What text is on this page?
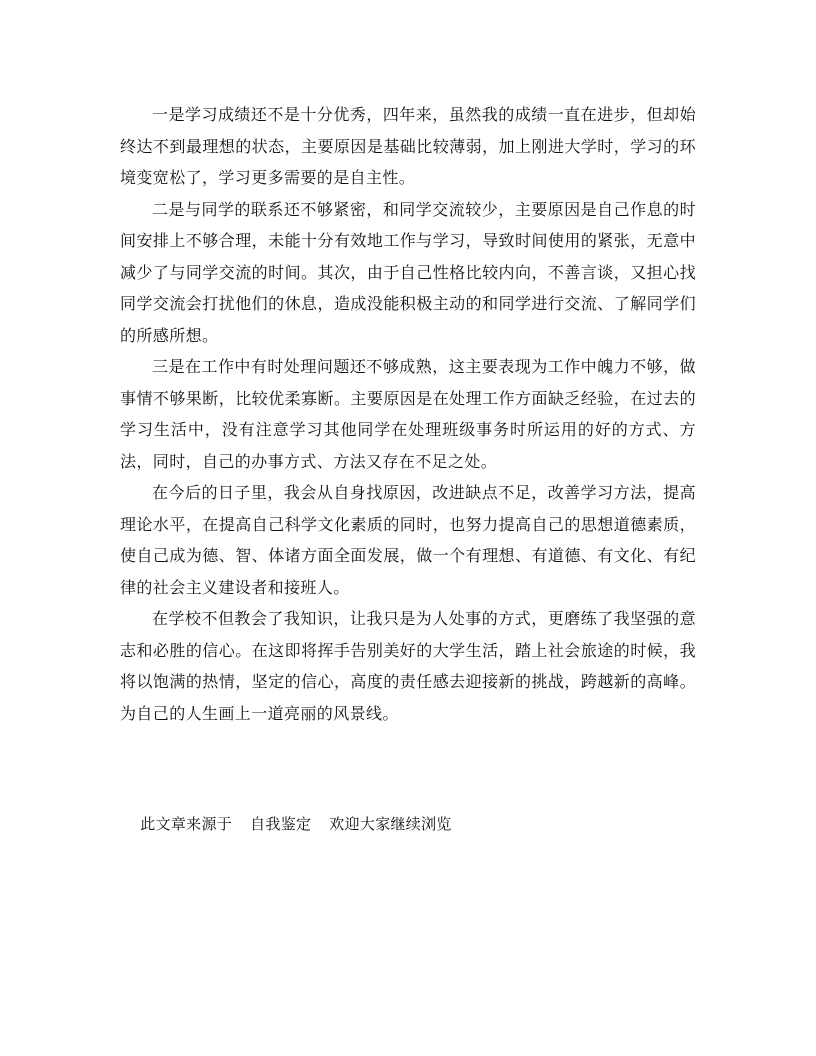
一是学习成绩还不是十分优秀，四年来，虽然我的成绩一直在进步，但却始终达不到最理想的状态，主要原因是基础比较薄弱，加上刚进大学时，学习的环境变宽松了，学习更多需要的是自主性。

二是与同学的联系还不够紧密，和同学交流较少，主要原因是自己作息的时间安排上不够合理，未能十分有效地工作与学习，导致时间使用的紧张，无意中减少了与同学交流的时间。其次，由于自己性格比较内向，不善言谈，又担心找同学交流会打扰他们的休息，造成没能积极主动的和同学进行交流、了解同学们的所感所想。

三是在工作中有时处理问题还不够成熟，这主要表现为工作中魄力不够，做事情不够果断，比较优柔寡断。主要原因是在处理工作方面缺乏经验，在过去的学习生活中，没有注意学习其他同学在处理班级事务时所运用的好的方式、方法，同时，自己的办事方式、方法又存在不足之处。

在今后的日子里，我会从自身找原因，改进缺点不足，改善学习方法，提高理论水平，在提高自己科学文化素质的同时，也努力提高自己的思想道德素质，使自己成为德、智、体诸方面全面发展，做一个有理想、有道德、有文化、有纪律的社会主义建设者和接班人。

在学校不但教会了我知识，让我只是为人处事的方式，更磨练了我坚强的意志和必胜的信心。在这即将挥手告别美好的大学生活，踏上社会旅途的时候，我将以饱满的热情，坚定的信心，高度的责任感去迎接新的挑战，跨越新的高峰。为自己的人生画上一道亮丽的风景线。

此文章来源于 自我鉴定 欢迎大家继续浏览
